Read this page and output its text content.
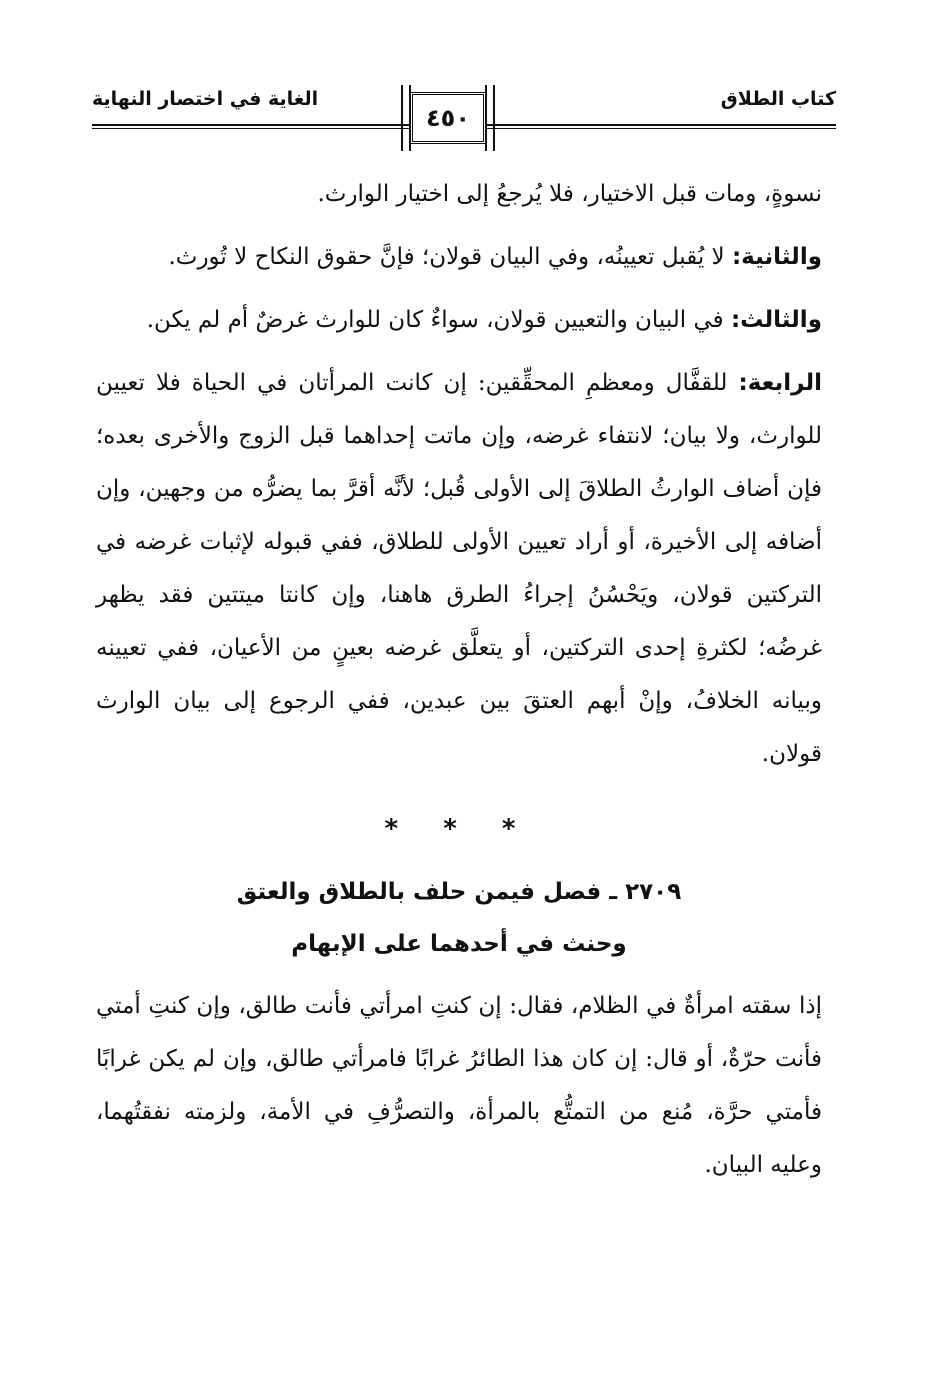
كتاب الطلاق
الغاية في اختصار النهاية
٤٥٠

نسوةٍ، ومات قبل الاختيار، فلا يُرجعُ إلى اختيار الوارث.

والثانية: لا يُقبل تعيينُه، وفي البيان قولان؛ فإنَّ حقوق النكاح لا تُورث.

والثالث: في البيان والتعيين قولان، سواءٌ كان للوارث غرضٌ أم لم يكن.

الرابعة: للقفَّال ومعظمِ المحقِّقين: إن كانت المرأتان في الحياة فلا تعيين للوارث، ولا بيان؛ لانتفاء غرضه، وإن ماتت إحداهما قبل الزوج والأخرى بعده؛ فإن أضاف الوارثُ الطلاقَ إلى الأولى قُبل؛ لأنَّه أقرَّ بما يضرُّه من وجهين، وإن أضافه إلى الأخيرة، أو أراد تعيين الأولى للطلاق، ففي قبوله لإثبات غرضه في التركتين قولان، ويَحْسُنُ إجراءُ الطرق هاهنا، وإن كانتا ميتتين فقد يظهر غرضُه؛ لكثرةِ إحدى التركتين، أو يتعلَّق غرضه بعينٍ من الأعيان، ففي تعيينه وبيانه الخلافُ، وإنْ أبهم العتقَ بين عبدين، ففي الرجوع إلى بيان الوارث قولان.

* * *
٢٧٠٩ ـ فصل فيمن حلف بالطلاق والعتق
وحنث في أحدهما على الإبهام

إذا سقته امرأةٌ في الظلام، فقال: إن كنتِ امرأتي فأنت طالق، وإن كنتِ أمتي فأنت حرّةٌ، أو قال: إن كان هذا الطائرُ غرابًا فامرأتي طالق، وإن لم يكن غرابًا فأمتي حرَّة، مُنع من التمتُّع بالمرأة، والتصرُّفِ في الأمة، ولزمته نفقتُهما، وعليه البيان.
